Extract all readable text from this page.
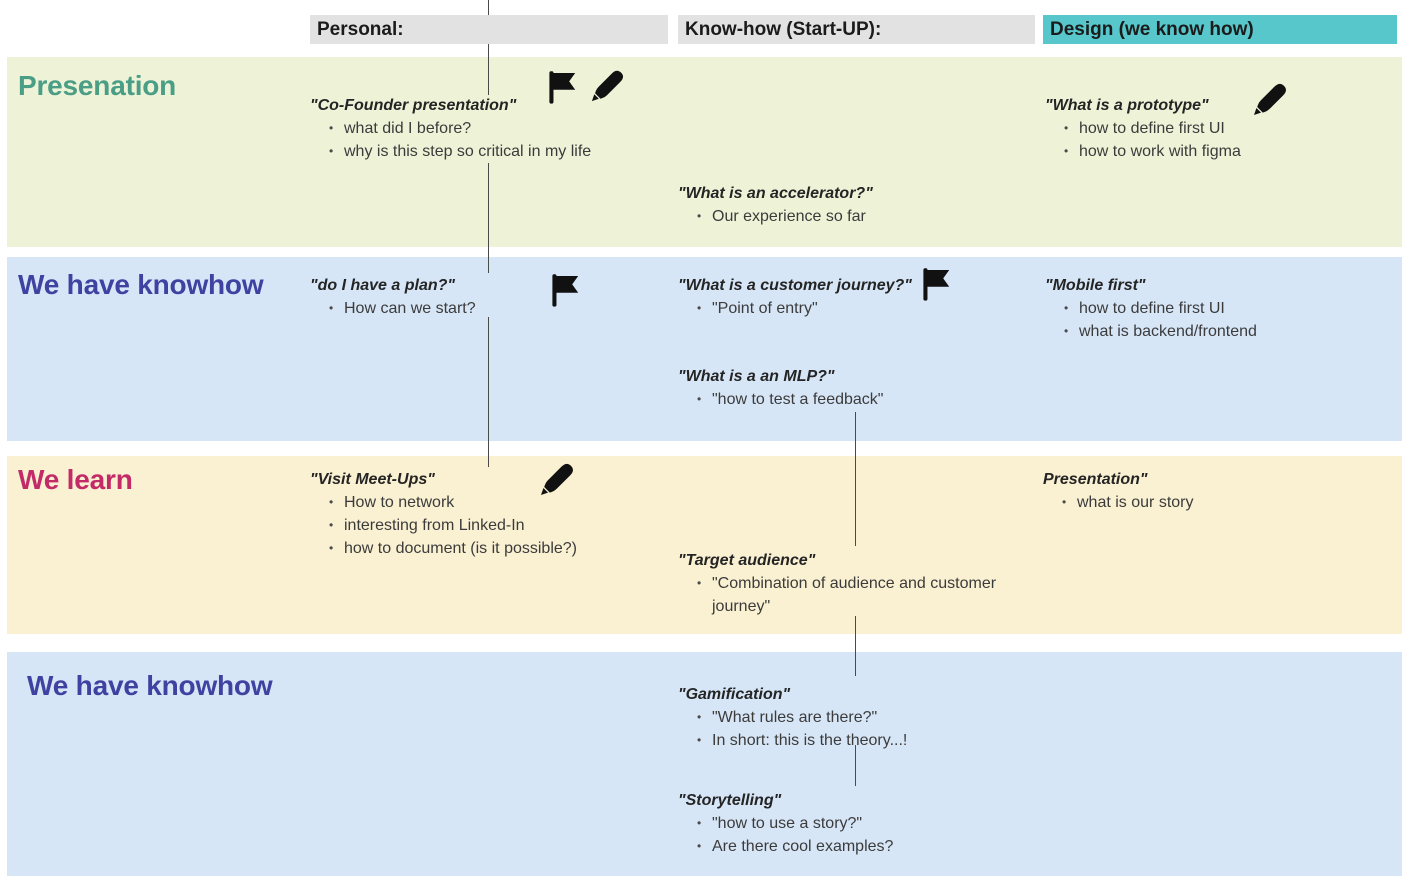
Personal:	Know-how (Start-UP):	Design (we know how)
Presenation
We have knowhow
We learn
We have knowhow
"Co-Founder presentation"
• what did I before?
• why is this step so critical in my life
"What is an accelerator?"
• Our experience so far
"What is a prototype"
• how to define first UI
• how to work with figma
"do I have a plan?"
• How can we start?
"What is a customer journey?"
• "Point of entry"
"What is a an MLP?"
• "how to test a feedback"
"Mobile first"
• how to define first UI
• what is backend/frontend
"Visit Meet-Ups"
• How to network
• interesting from Linked-In
• how to document (is it possible?)
"Target audience"
• "Combination of audience and customer journey"
Presentation"
• what is our story
"Gamification"
• "What rules are there?"
• In short: this is the theory...!
"Storytelling"
• "how to use a story?"
• Are there cool examples?
